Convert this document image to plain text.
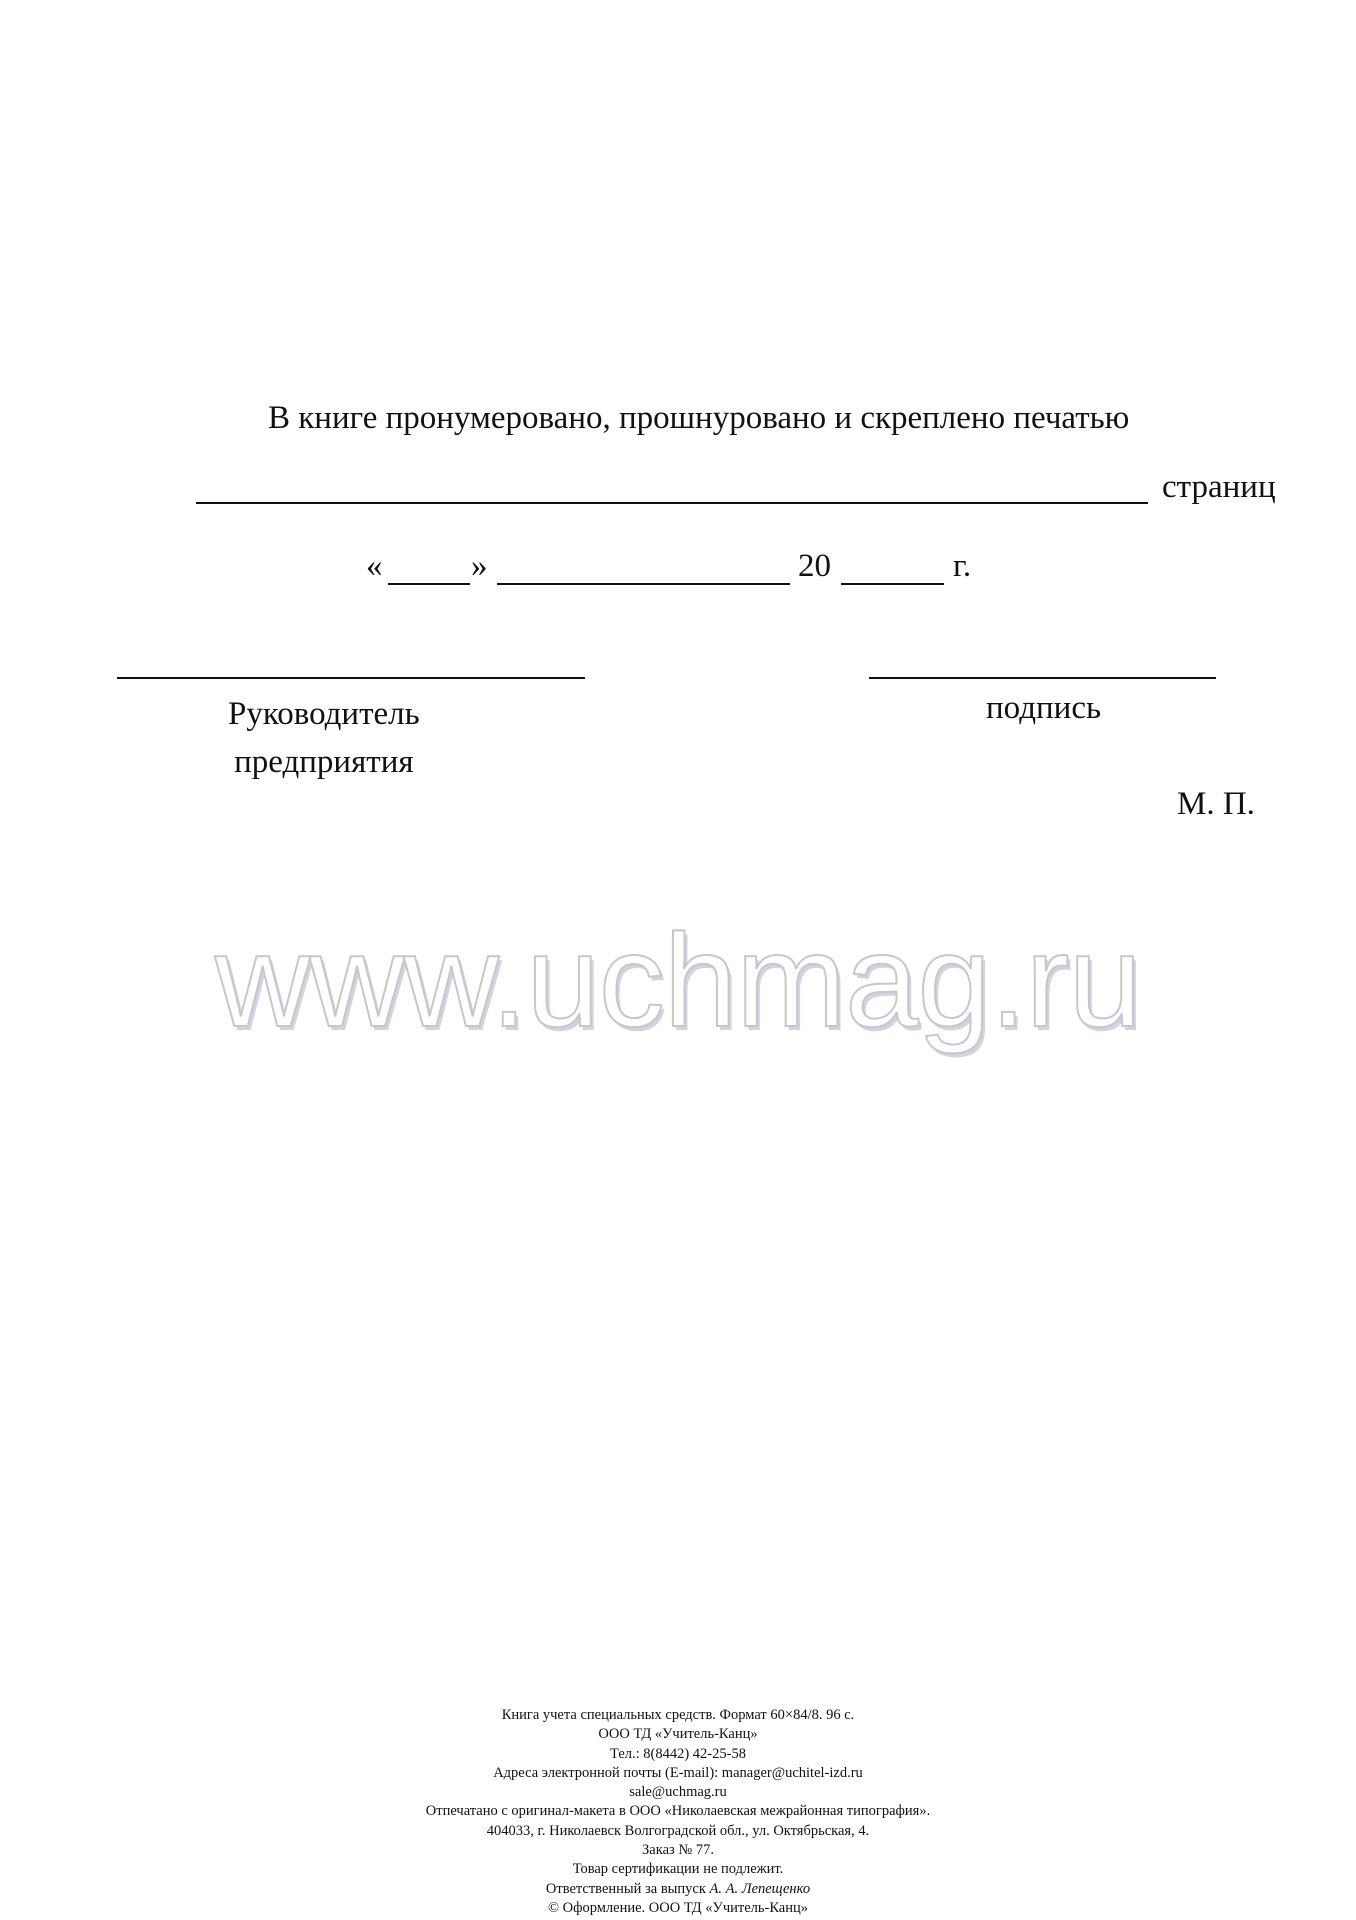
В книге пронумеровано, прошнуровано и скреплено печатью
страниц
«	»	20	г.
Руководитель
предприятия
подпись
М. П.
www.uchmag.ru
Книга учета специальных средств. Формат 60×84/8. 96 с.
ООО ТД «Учитель-Канц»
Тел.: 8(8442) 42-25-58
Адреса электронной почты (E-mail): manager@uchitel-izd.ru
sale@uchmag.ru
Отпечатано с оригинал-макета в ООО «Николаевская межрайонная типография».
404033, г. Николаевск Волгоградской обл., ул. Октябрьская, 4.
Заказ № 77.
Товар сертификации не подлежит.
Ответственный за выпуск А. А. Лепещенко
© Оформление. ООО ТД «Учитель-Канц»
